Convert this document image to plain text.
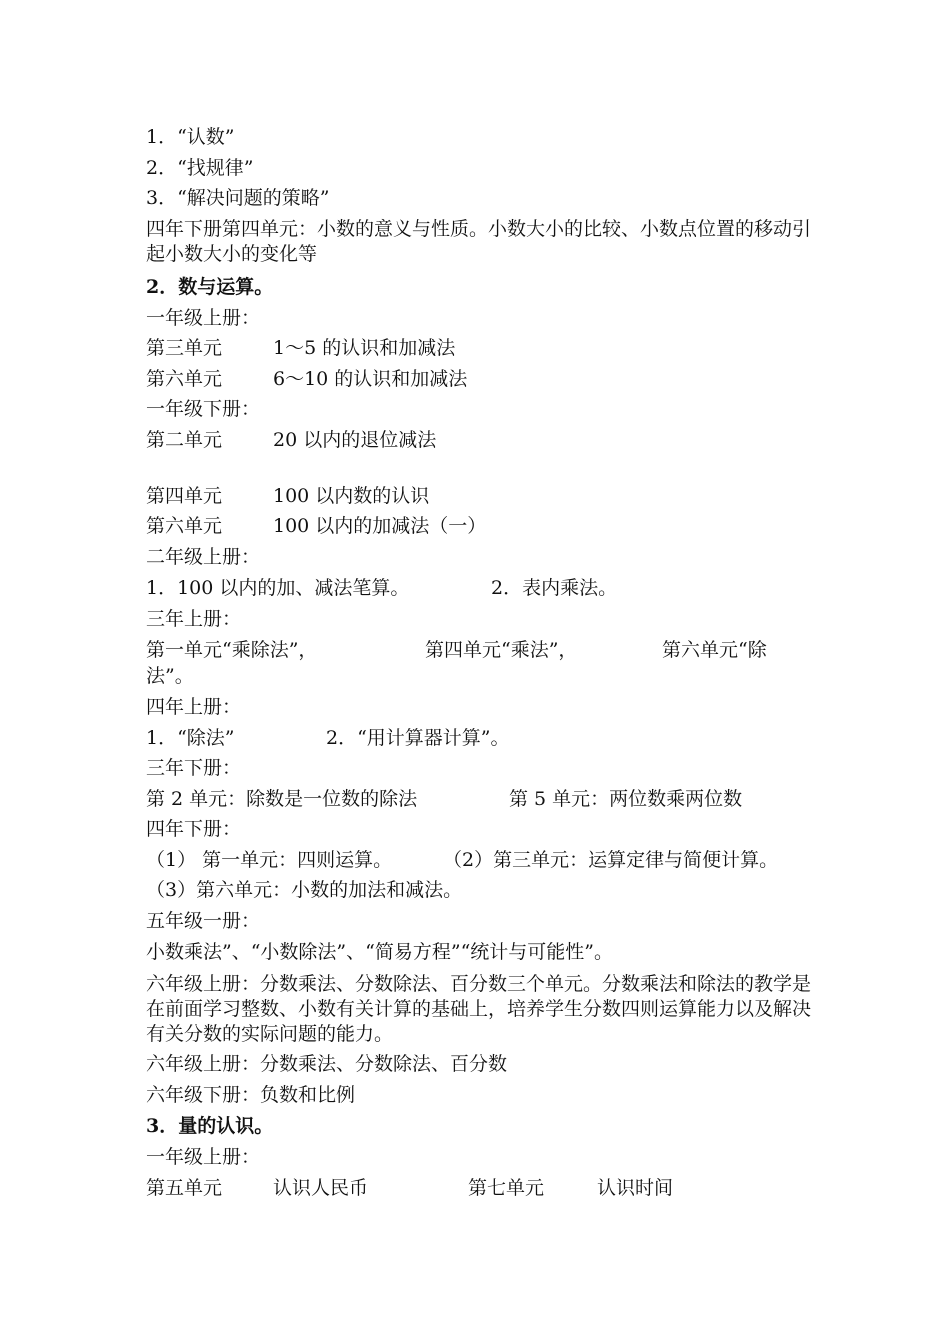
1．“认数”
2．“找规律”
3．“解决问题的策略”
四年下册第四单元：小数的意义与性质。小数大小的比较、小数点位置的移动引起小数大小的变化等
2．数与运算。
一年级上册：
第三单元	1～5 的认识和加减法
第六单元	6～10 的认识和加减法
一年级下册：
第二单元	20 以内的退位减法
第四单元	100 以内数的认识
第六单元	100 以内的加减法（一）
二年级上册：
1．100 以内的加、减法笔算。	2．表内乘法。
三年上册：
第一单元“乘除法”，	第四单元“乘法”，	第六单元“除
法”。
四年上册：
1．“除法”	2．“用计算器计算”。
三年下册：
第 2 单元：除数是一位数的除法	第 5 单元：两位数乘两位数
四年下册：
（1） 第一单元：四则运算。	（2）第三单元：运算定律与简便计算。
（3）第六单元：小数的加法和减法。
五年级一册：
小数乘法”、“小数除法”、“简易方程”“统计与可能性”。
六年级上册：分数乘法、分数除法、百分数三个单元。分数乘法和除法的教学是在前面学习整数、小数有关计算的基础上，培养学生分数四则运算能力以及解决有关分数的实际问题的能力。
六年级上册：分数乘法、分数除法、百分数
六年级下册：负数和比例
3．量的认识。
一年级上册：
第五单元	认识人民币	第七单元	认识时间
